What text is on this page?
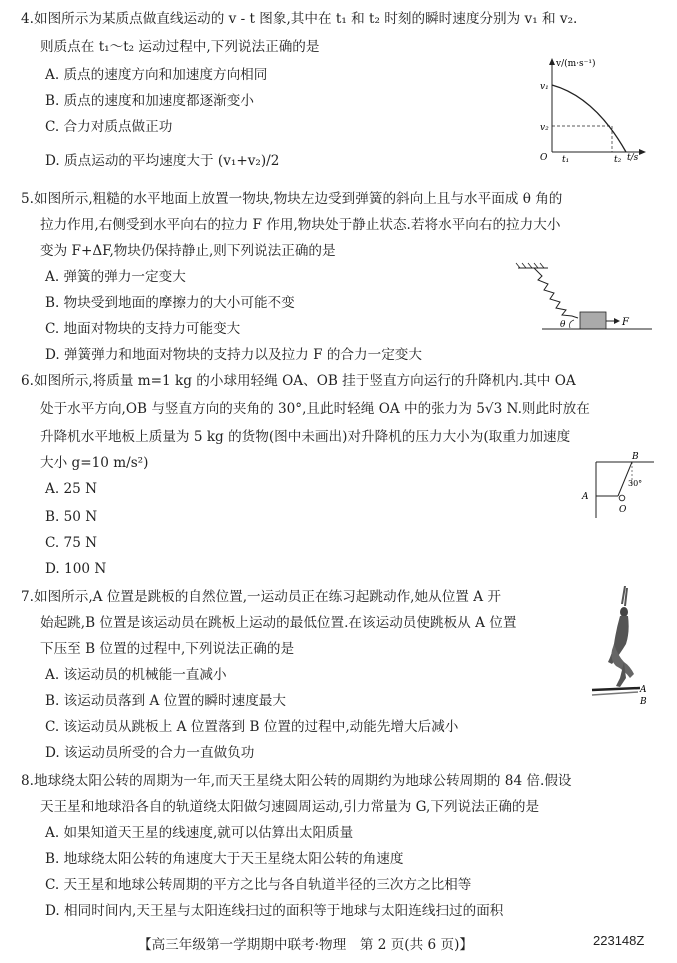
4.如图所示为某质点做直线运动的 v - t 图象,其中在 t₁ 和 t₂ 时刻的瞬时速度分别为 v₁ 和 v₂.
则质点在 t₁～t₂ 运动过程中,下列说法正确的是
A. 质点的速度方向和加速度方向相同
B. 质点的速度和加速度都逐渐变小
C. 合力对质点做正功
D. 质点运动的平均速度大于 (v₁+v₂)/2
v/(m·s⁻¹)
v₁
v₂
O t₁	t₂ t/s
5.如图所示,粗糙的水平地面上放置一物块,物块左边受到弹簧的斜向上且与水平面成 θ 角的
拉力作用,右侧受到水平向右的拉力 F 作用,物块处于静止状态.若将水平向右的拉力大小
变为 F+ΔF,物块仍保持静止,则下列说法正确的是
A. 弹簧的弹力一定变大
B. 物块受到地面的摩擦力的大小可能不变
C. 地面对物块的支持力可能变大
D. 弹簧弹力和地面对物块的支持力以及拉力 F 的合力一定变大
θ	F
6.如图所示,将质量 m=1 kg 的小球用轻绳 OA、OB 挂于竖直方向运行的升降机内.其中 OA
处于水平方向,OB 与竖直方向的夹角的 30°,且此时轻绳 OA 中的张力为 5√3 N.则此时放在
升降机水平地板上质量为 5 kg 的货物(图中未画出)对升降机的压力大小为(取重力加速度
大小 g=10 m/s²)
A. 25 N
B. 50 N
C. 75 N
D. 100 N
B
30°
A
O
7.如图所示,A 位置是跳板的自然位置,一运动员正在练习起跳动作,她从位置 A 开
始起跳,B 位置是该运动员在跳板上运动的最低位置.在该运动员使跳板从 A 位置
下压至 B 位置的过程中,下列说法正确的是
A. 该运动员的机械能一直减小
B. 该运动员落到 A 位置的瞬时速度最大
C. 该运动员从跳板上 A 位置落到 B 位置的过程中,动能先增大后减小
D. 该运动员所受的合力一直做负功
A
B
8.地球绕太阳公转的周期为一年,而天王星绕太阳公转的周期约为地球公转周期的 84 倍.假设
天王星和地球沿各自的轨道绕太阳做匀速圆周运动,引力常量为 G,下列说法正确的是
A. 如果知道天王星的线速度,就可以估算出太阳质量
B. 地球绕太阳公转的角速度大于天王星绕太阳公转的角速度
C. 天王星和地球公转周期的平方之比与各自轨道半径的三次方之比相等
D. 相同时间内,天王星与太阳连线扫过的面积等于地球与太阳连线扫过的面积
【高三年级第一学期期中联考·物理　第 2 页(共 6 页)】	223148Z
